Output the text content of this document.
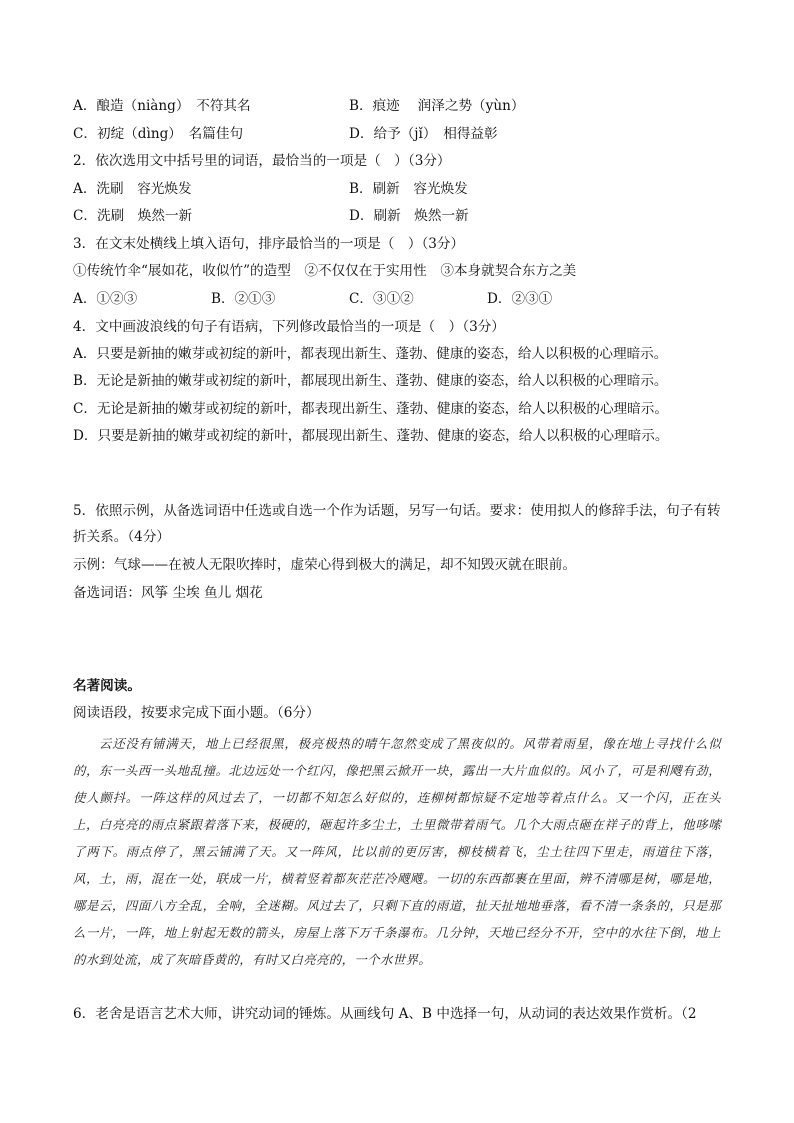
A．酿造（niàng）　不符其名	B．痕迹　 润泽之势（yùn）
C．初绽（dìng）　名篇佳句	D．给予（jǐ）　相得益彰
2．依次选用文中括号里的词语，最恰当的一项是（　）（3分）
A．洗刷　容光焕发	B．刷新　容光焕发
C．洗刷　焕然一新	D．刷新　焕然一新
3．在文末处横线上填入语句，排序最恰当的一项是（　）（3分）
①传统竹伞“展如花，收似竹”的造型　②不仅仅在于实用性　③本身就契合东方之美
A．①②③	B．②①③	C．③①②	D．②③①
4．文中画波浪线的句子有语病，下列修改最恰当的一项是（　）（3分）
A．只要是新抽的嫩芽或初绽的新叶，都表现出新生、蓬勃、健康的姿态，给人以积极的心理暗示。
B．无论是新抽的嫩芽或初绽的新叶，都展现出新生、蓬勃、健康的姿态，给人以积极的心理暗示。
C．无论是新抽的嫩芽或初绽的新叶，都表现出新生、蓬勃、健康的姿态，给人以积极的心理暗示。
D．只要是新抽的嫩芽或初绽的新叶，都展现出新生、蓬勃、健康的姿态，给人以积极的心理暗示。
5．依照示例，从备选词语中任选或自选一个作为话题，另写一句话。要求：使用拟人的修辞手法，句子有转折关系。（4分）
示例：气球——在被人无限吹捧时，虚荣心得到极大的满足，却不知毁灭就在眼前。
备选词语：风筝 尘埃 鱼儿 烟花
名著阅读。
阅读语段，按要求完成下面小题。（6分）
云还没有铺满天，地上已经很黑，极亮极热的晴午忽然变成了黑夜似的。风带着雨星，像在地上寻找什么似的，东一头西一头地乱撞。北边远处一个红闪，像把黑云掀开一块，露出一大片血似的。风小了，可是利飕有劲，使人颤抖。一阵这样的风过去了，一切都不知怎么好似的，连柳树都惊疑不定地等着点什么。又一个闪，正在头上，白亮亮的雨点紧跟着落下来，极硬的，砸起许多尘土，土里微带着雨气。几个大雨点砸在祥子的背上，他哆嗦了两下。雨点停了，黑云铺满了天。又一阵风，比以前的更厉害，柳枝横着飞，尘土往四下里走，雨道往下落，风，土，雨，混在一处，联成一片，横着竖着都灰茫茫冷飕飕。一切的东西都裹在里面，辨不清哪是树，哪是地，哪是云，四面八方全乱，全响，全迷糊。风过去了，只剩下直的雨道，扯天扯地地垂落，看不清一条条的，只是那么一片，一阵，地上射起无数的箭头，房屋上落下万千条瀑布。几分钟，天地已经分不开，空中的水往下倒，地上的水到处流，成了灰暗昏黄的，有时又白亮亮的，一个水世界。
6．老舍是语言艺术大师，讲究动词的锤炼。从画线句 A、B 中选择一句，从动词的表达效果作赏析。（2
